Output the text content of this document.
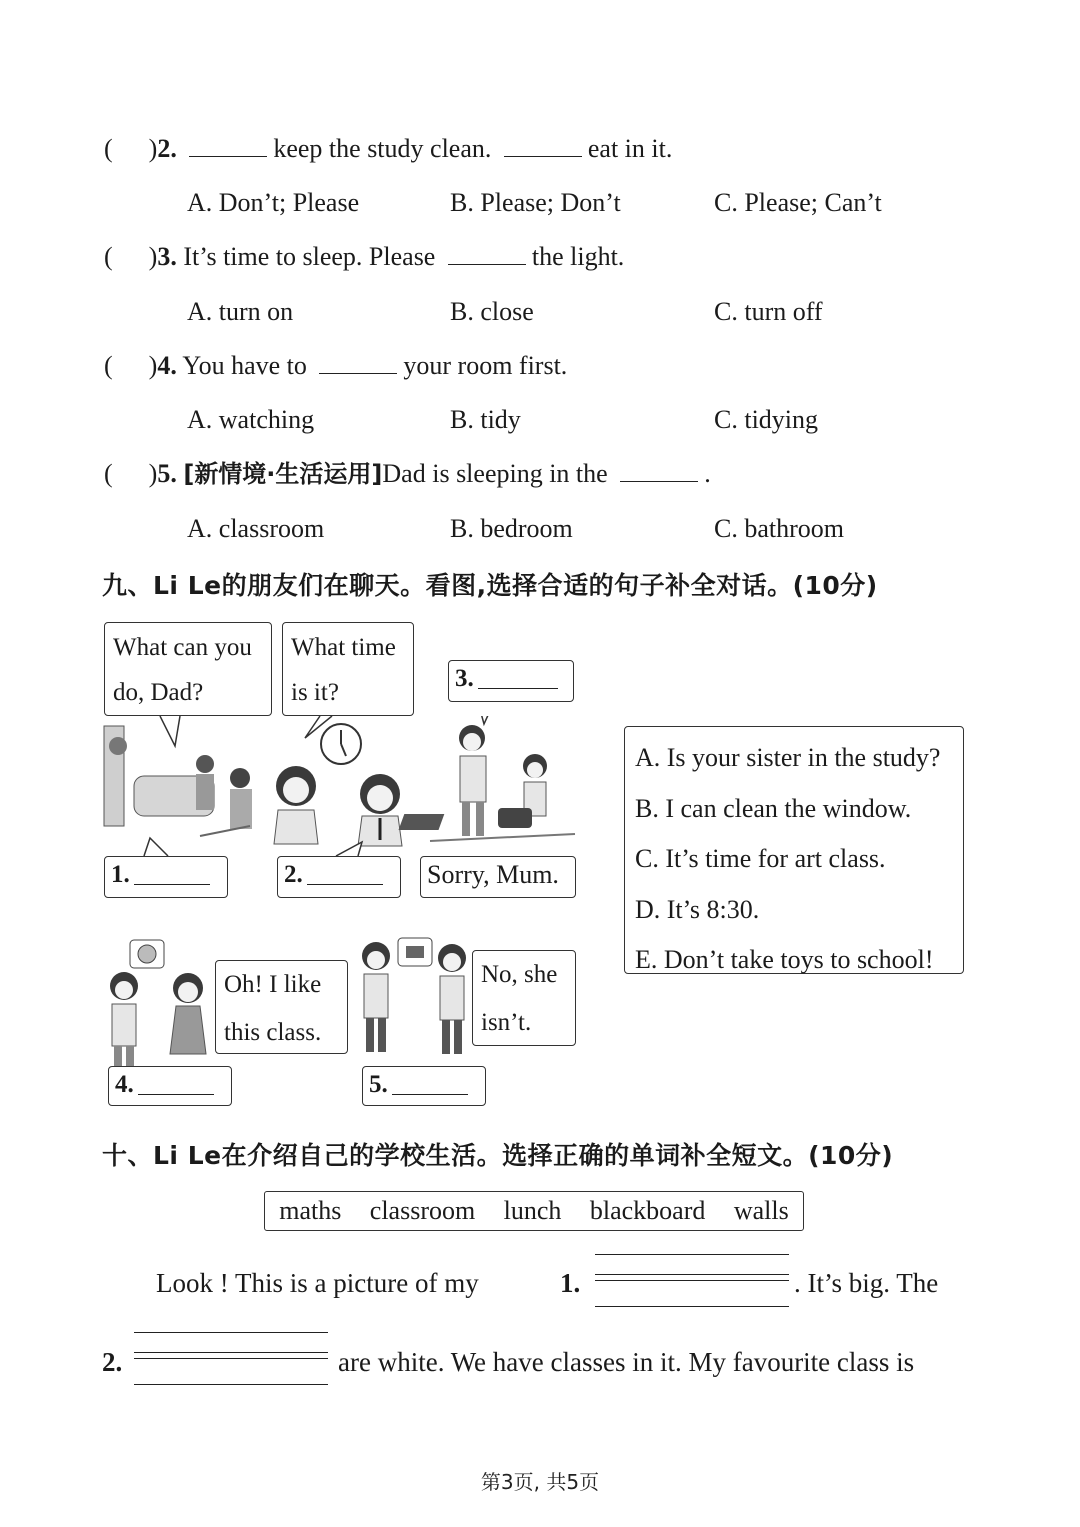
( )2.	keep the study clean.	eat in it.
A. Don’t; Please	B. Please; Don’t	C. Please; Can’t
( )3. It’s time to sleep. Please	the light.
A. turn on	B. close	C. turn off
( )4. You have to	your room first.
A. watching	B. tidy	C. tidying
( )5. [新情境·生活运用]Dad is sleeping in the	.
A. classroom	B. bedroom	C. bathroom
九、Li Le的朋友们在聊天。看图,选择合适的句子补全对话。(10分)
What can you
do, Dad?
What time
is it?
3.
1.	2.	Sorry, Mum.
A. Is your sister in the study?
B. I can clean the window.
C. It’s time for art class.
D. It’s 8:30.
E. Don’t take toys to school!
Oh! I like
this class.
No, she
isn’t.
4.	5.
十、Li Le在介绍自己的学校生活。选择正确的单词补全短文。(10分)
maths classroom lunch blackboard walls
Look ! This is a picture of my	1.	. It’s big. The
2.	are white. We have classes in it. My favourite class is
第3页, 共5页
